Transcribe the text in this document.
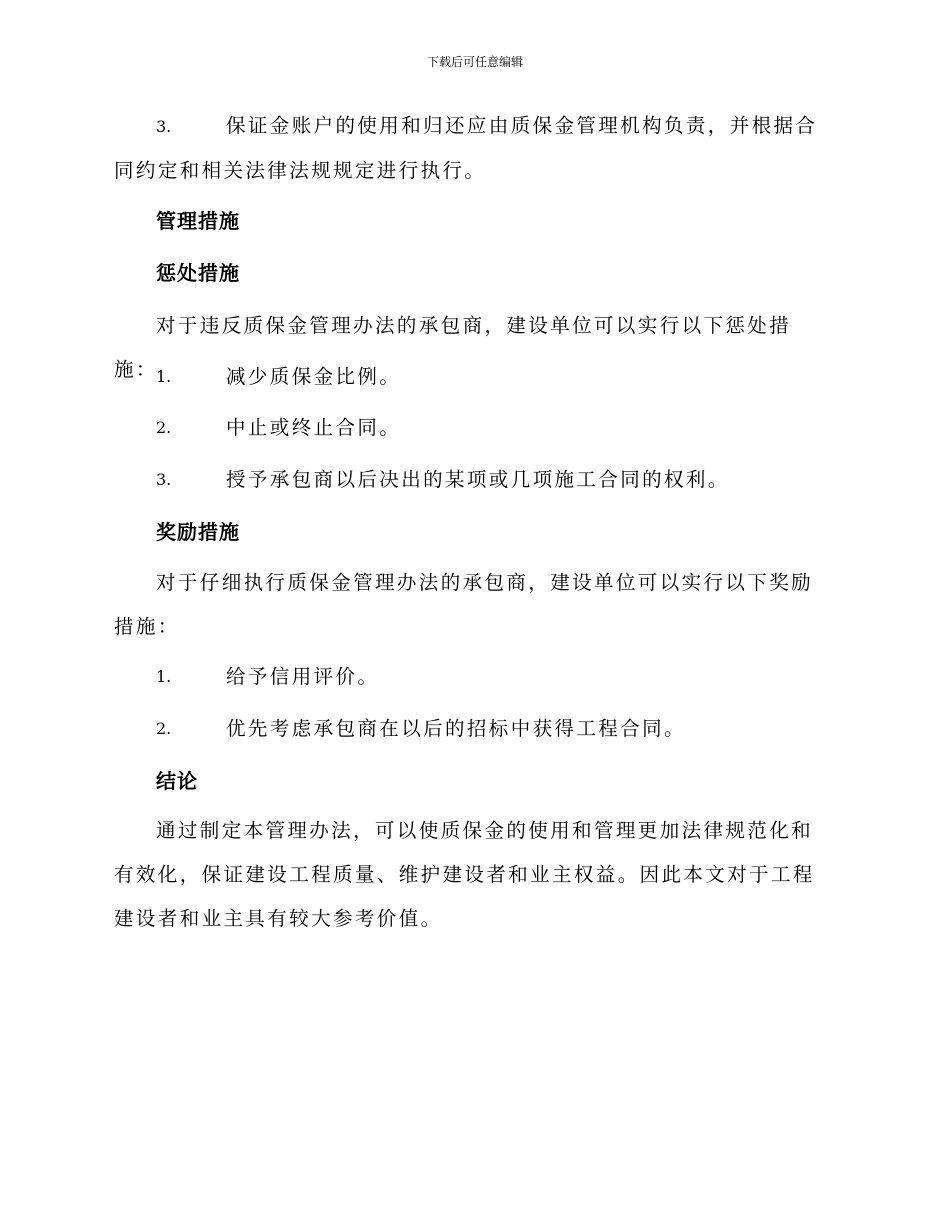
下载后可任意编辑
3.	保证金账户的使用和归还应由质保金管理机构负责，并根据合同约定和相关法律法规规定进行执行。
管理措施
惩处措施
对于违反质保金管理办法的承包商，建设单位可以实行以下惩处措施：
1.	减少质保金比例。
2.	中止或终止合同。
3.	授予承包商以后决出的某项或几项施工合同的权利。
奖励措施
对于仔细执行质保金管理办法的承包商，建设单位可以实行以下奖励措施：
1.	给予信用评价。
2.	优先考虑承包商在以后的招标中获得工程合同。
结论
通过制定本管理办法，可以使质保金的使用和管理更加法律规范化和有效化，保证建设工程质量、维护建设者和业主权益。因此本文对于工程建设者和业主具有较大参考价值。
